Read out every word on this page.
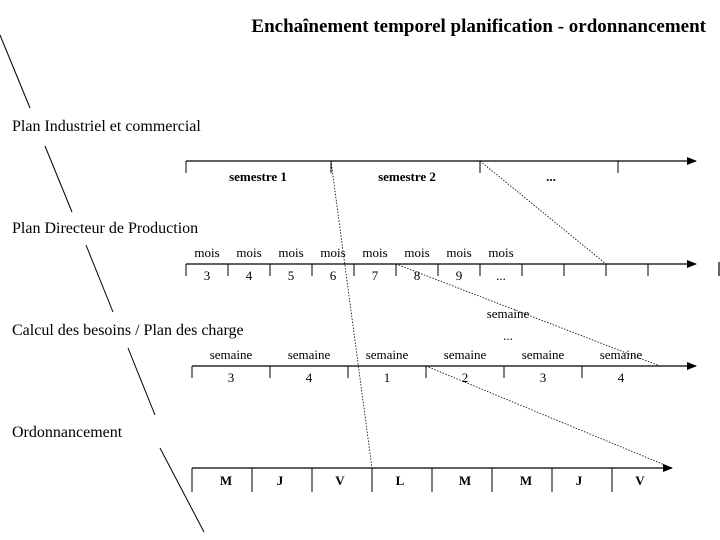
Enchaînement temporel planification - ordonnancement
Plan Industriel et commercial
Plan Directeur de Production
Calcul des besoins / Plan des charge
Ordonnancement
semestre 1	semestre 2	...
mois mois mois mois mois mois mois mois
3	4	5	6	7	8	9	...
semaine
...
semaine	semaine	semaine	semaine	semaine	semaine
3	4	1	2	3	4
M	J	V	L	M	M	J	V
